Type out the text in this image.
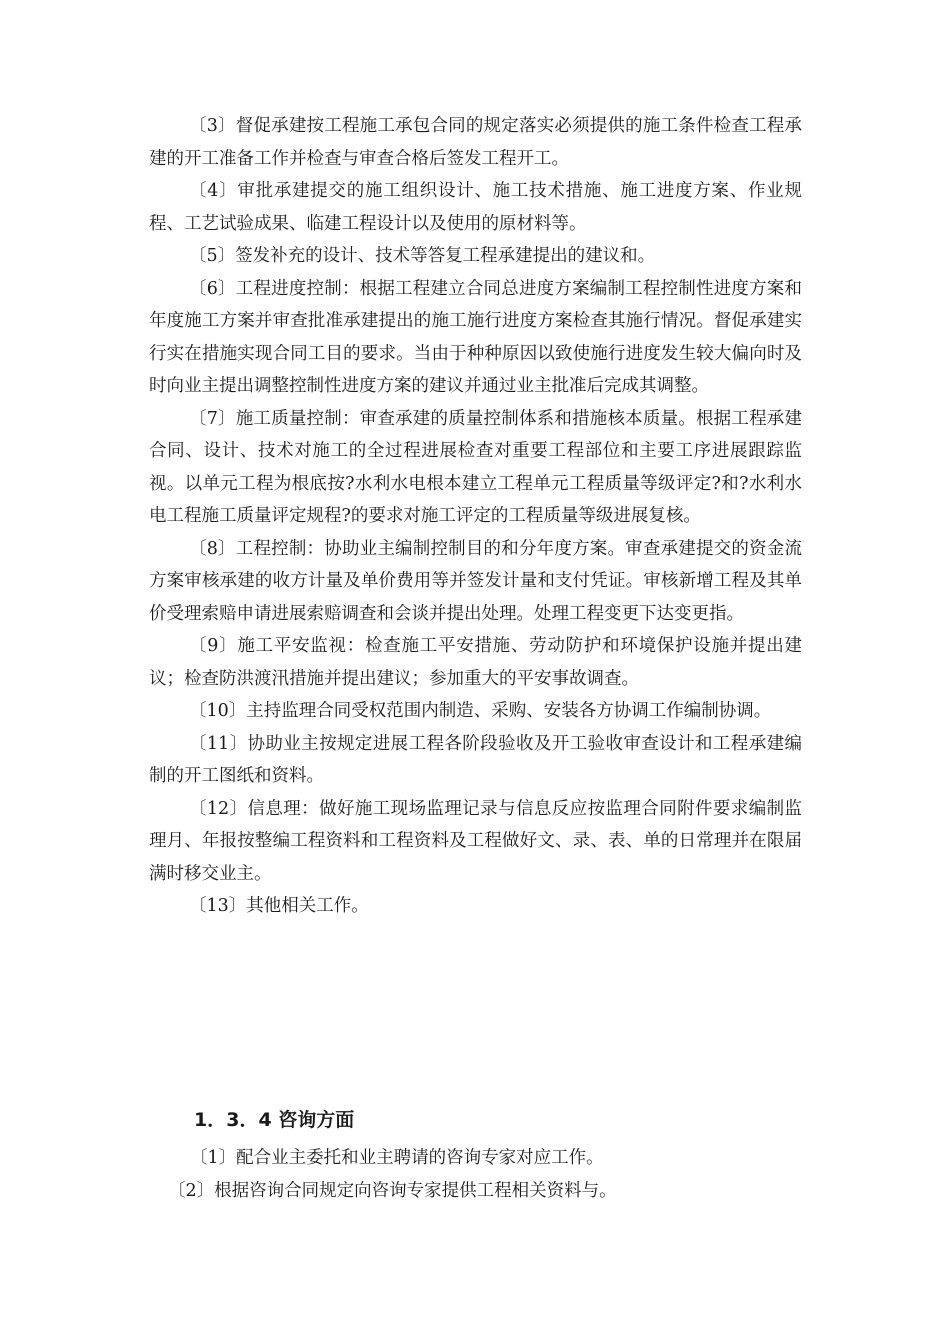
〔3〕督促承建按工程施工承包合同的规定落实必须提供的施工条件检查工程承建的开工准备工作并检查与审查合格后签发工程开工。

〔4〕审批承建提交的施工组织设计、施工技术措施、施工进度方案、作业规程、工艺试验成果、临建工程设计以及使用的原材料等。

〔5〕签发补充的设计、技术等答复工程承建提出的建议和。

〔6〕工程进度控制：根据工程建立合同总进度方案编制工程控制性进度方案和年度施工方案并审查批准承建提出的施工施行进度方案检查其施行情况。督促承建实行实在措施实现合同工目的要求。当由于种种原因以致使施行进度发生较大偏向时及时向业主提出调整控制性进度方案的建议并通过业主批准后完成其调整。

〔7〕施工质量控制：审查承建的质量控制体系和措施核本质量。根据工程承建合同、设计、技术对施工的全过程进展检查对重要工程部位和主要工序进展跟踪监视。以单元工程为根底按?水利水电根本建立工程单元工程质量等级评定?和?水利水电工程施工质量评定规程?的要求对施工评定的工程质量等级进展复核。

〔8〕工程控制：协助业主编制控制目的和分年度方案。审查承建提交的资金流方案审核承建的收方计量及单价费用等并签发计量和支付凭证。审核新增工程及其单价受理索赔申请进展索赔调查和会谈并提出处理。处理工程变更下达变更指。

〔9〕施工平安监视：检查施工平安措施、劳动防护和环境保护设施并提出建议；检查防洪渡汛措施并提出建议；参加重大的平安事故调查。

〔10〕主持监理合同受权范围内制造、采购、安装各方协调工作编制协调。

〔11〕协助业主按规定进展工程各阶段验收及开工验收审查设计和工程承建编制的开工图纸和资料。

〔12〕信息理：做好施工现场监理记录与信息反应按监理合同附件要求编制监理月、年报按整编工程资料和工程资料及工程做好文、录、表、单的日常理并在限届满时移交业主。

〔13〕其他相关工作。

1．3．4 咨询方面

〔1〕配合业主委托和业主聘请的咨询专家对应工作。

〔2〕根据咨询合同规定向咨询专家提供工程相关资料与。
